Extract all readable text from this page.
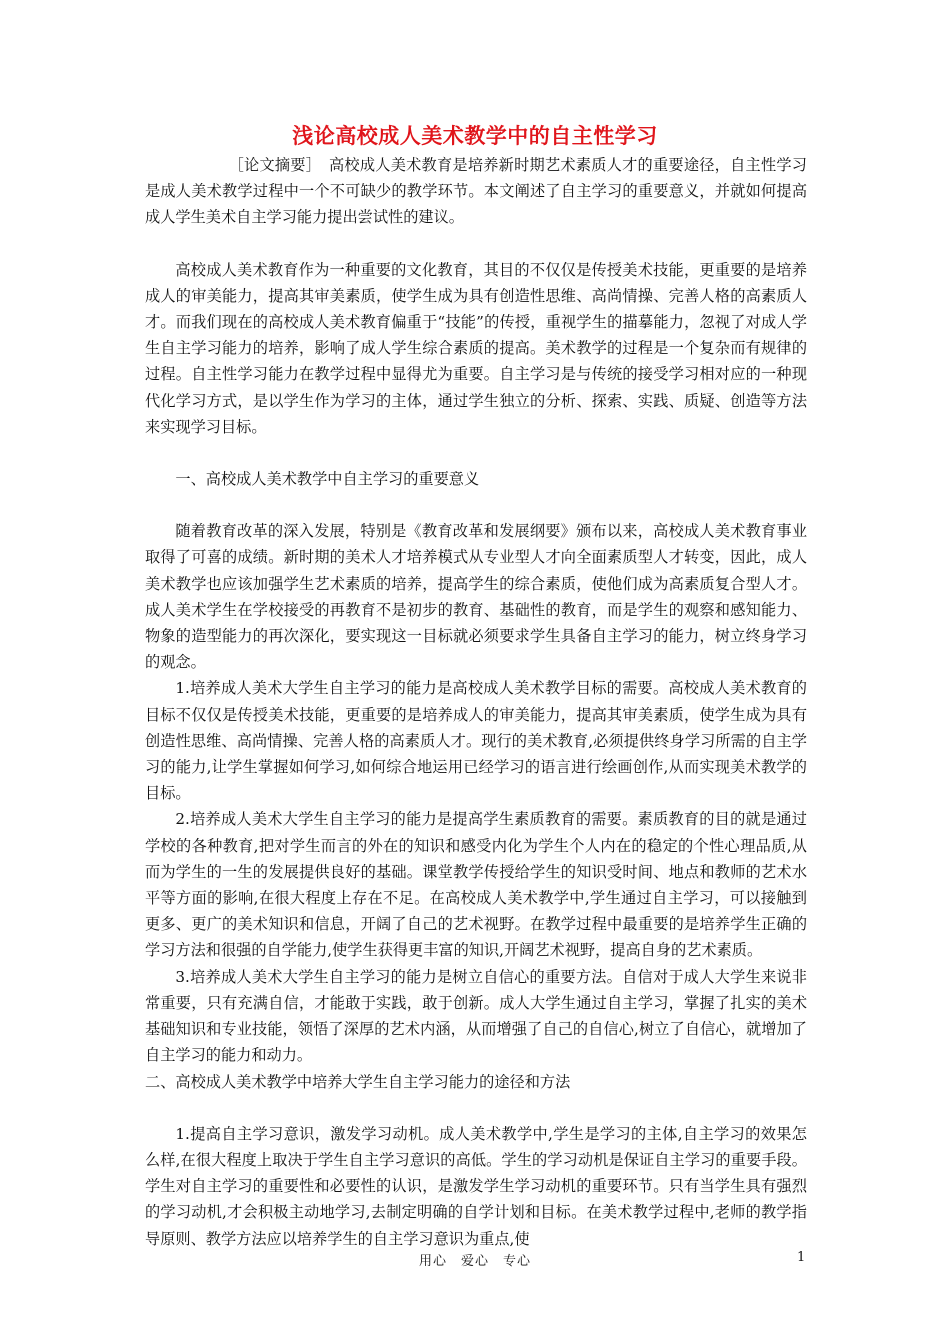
浅论高校成人美术教学中的自主性学习

［论文摘要］　高校成人美术教育是培养新时期艺术素质人才的重要途径，自主性学习是成人美术教学过程中一个不可缺少的教学环节。本文阐述了自主学习的重要意义，并就如何提高成人学生美术自主学习能力提出尝试性的建议。

高校成人美术教育作为一种重要的文化教育，其目的不仅仅是传授美术技能，更重要的是培养成人的审美能力，提高其审美素质，使学生成为具有创造性思维、高尚情操、完善人格的高素质人才。而我们现在的高校成人美术教育偏重于“技能”的传授，重视学生的描摹能力，忽视了对成人学生自主学习能力的培养，影响了成人学生综合素质的提高。美术教学的过程是一个复杂而有规律的过程。自主性学习能力在教学过程中显得尤为重要。自主学习是与传统的接受学习相对应的一种现代化学习方式，是以学生作为学习的主体，通过学生独立的分析、探索、实践、质疑、创造等方法来实现学习目标。

一、高校成人美术教学中自主学习的重要意义

随着教育改革的深入发展，特别是《教育改革和发展纲要》颁布以来，高校成人美术教育事业取得了可喜的成绩。新时期的美术人才培养模式从专业型人才向全面素质型人才转变，因此，成人美术教学也应该加强学生艺术素质的培养，提高学生的综合素质，使他们成为高素质复合型人才。成人美术学生在学校接受的再教育不是初步的教育、基础性的教育，而是学生的观察和感知能力、物象的造型能力的再次深化，要实现这一目标就必须要求学生具备自主学习的能力，树立终身学习的观念。

1.培养成人美术大学生自主学习的能力是高校成人美术教学目标的需要。高校成人美术教育的目标不仅仅是传授美术技能，更重要的是培养成人的审美能力，提高其审美素质，使学生成为具有创造性思维、高尚情操、完善人格的高素质人才。现行的美术教育,必须提供终身学习所需的自主学习的能力,让学生掌握如何学习,如何综合地运用已经学习的语言进行绘画创作,从而实现美术教学的目标。

2.培养成人美术大学生自主学习的能力是提高学生素质教育的需要。素质教育的目的就是通过学校的各种教育,把对学生而言的外在的知识和感受内化为学生个人内在的稳定的个性心理品质,从而为学生的一生的发展提供良好的基础。课堂教学传授给学生的知识受时间、地点和教师的艺术水平等方面的影响,在很大程度上存在不足。在高校成人美术教学中,学生通过自主学习，可以接触到更多、更广的美术知识和信息，开阔了自己的艺术视野。在教学过程中最重要的是培养学生正确的学习方法和很强的自学能力,使学生获得更丰富的知识,开阔艺术视野，提高自身的艺术素质。

3.培养成人美术大学生自主学习的能力是树立自信心的重要方法。自信对于成人大学生来说非常重要，只有充满自信，才能敢于实践，敢于创新。成人大学生通过自主学习，掌握了扎实的美术基础知识和专业技能，领悟了深厚的艺术内涵，从而增强了自己的自信心,树立了自信心，就增加了自主学习的能力和动力。

二、高校成人美术教学中培养大学生自主学习能力的途径和方法

1.提高自主学习意识，激发学习动机。成人美术教学中,学生是学习的主体,自主学习的效果怎么样,在很大程度上取决于学生自主学习意识的高低。学生的学习动机是保证自主学习的重要手段。学生对自主学习的重要性和必要性的认识，是激发学生学习动机的重要环节。只有当学生具有强烈的学习动机,才会积极主动地学习,去制定明确的自学计划和目标。在美术教学过程中,老师的教学指导原则、教学方法应以培养学生的自主学习意识为重点,使

用心　爱心　专心	1
